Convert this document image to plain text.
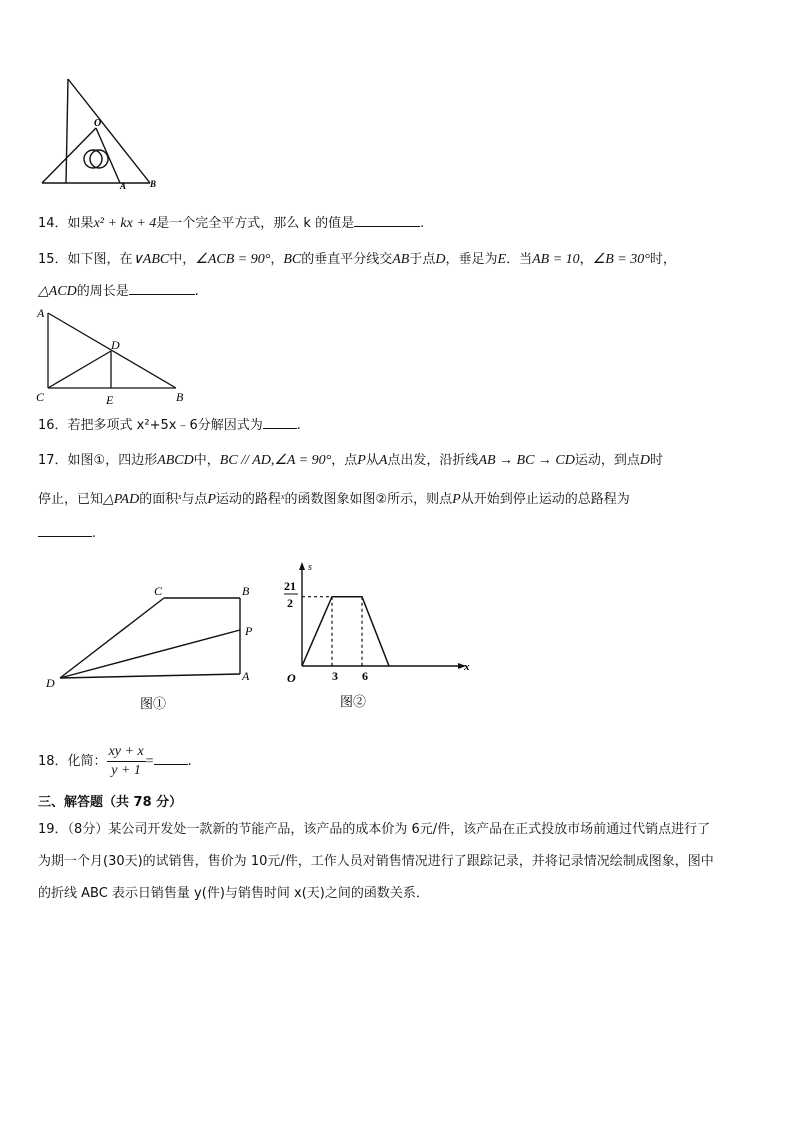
O
A	B
14．如果x² + kx + 4是一个完全平方式，那么 k 的值是	.
15．如下图，在∨ABC中，∠ACB = 90°，BC的垂直平分线交AB于点D，垂足为E．当AB = 10，∠B = 30°时，
△ACD的周长是	.
A
D
C	E	B
16．若把多项式 x²+5x﹣6分解因式为	.
17．如图①，四边形ABCD中，BC // AD,∠A = 90°，点P从A点出发，沿折线AB → BC → CD运动，到点D时
停止，已知△PAD的面积$^s$与点P运动的路程$^x$的函数图象如图②所示，则点P从开始到停止运动的总路程为
.
C	B
P
D	A
图①
s
21
2
O	3 6
x
图②
18．化简： $\frac{xy + x}{y + 1}$ =	.
三、解答题（共 78 分）
19．（8分）某公司开发处一款新的节能产品，该产品的成本价为 6元/件，该产品在正式投放市场前通过代销点进行了
为期一个月(30天)的试销售，售价为 10元/件，工作人员对销售情况进行了跟踪记录，并将记录情况绘制成图象，图中
的折线 ABC 表示日销售量 y(件)与销售时间 x(天)之间的函数关系．
